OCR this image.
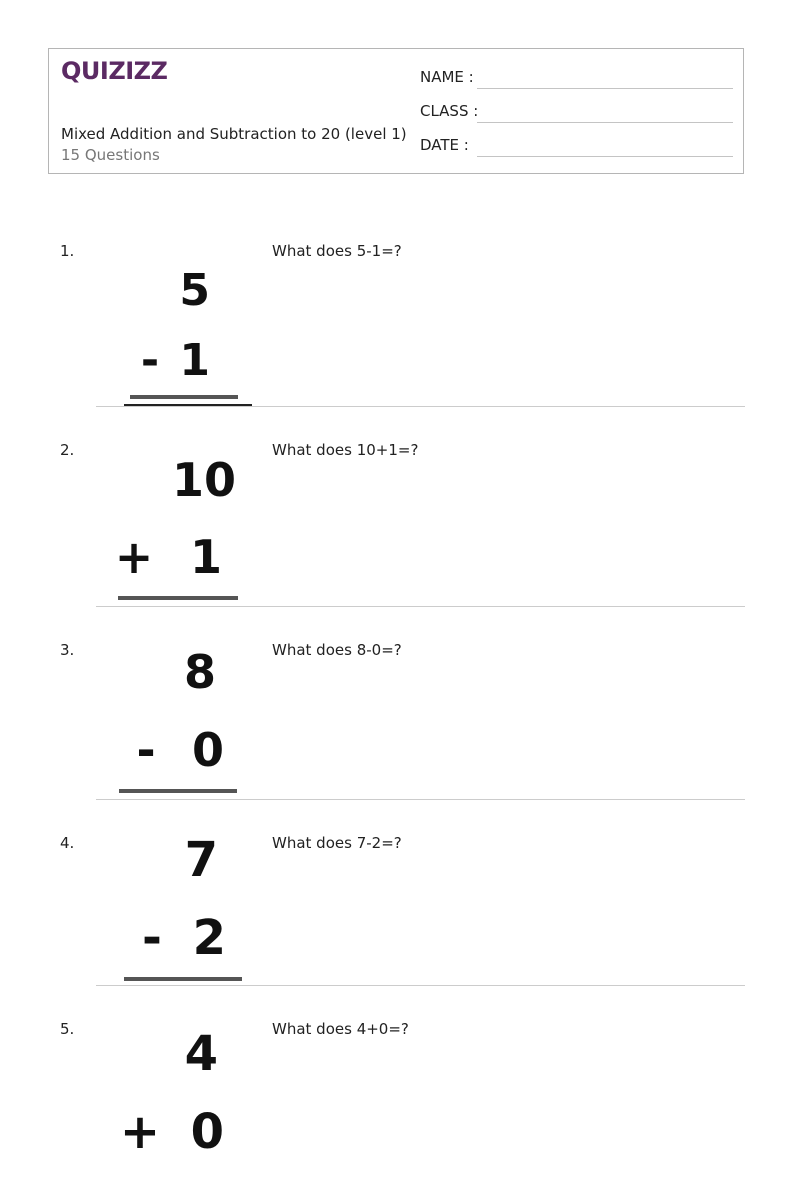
QUIZIZZ
Mixed Addition and Subtraction to 20 (level 1)
15 Questions
NAME :
CLASS :
DATE :
1.
5
- 1
What does 5-1=?
2.
10
+ 1
What does 10+1=?
3. 8
- 0
What does 8-0=?
4. 7
- 2
What does 7-2=?
5. 4
+ 0
What does 4+0=?
